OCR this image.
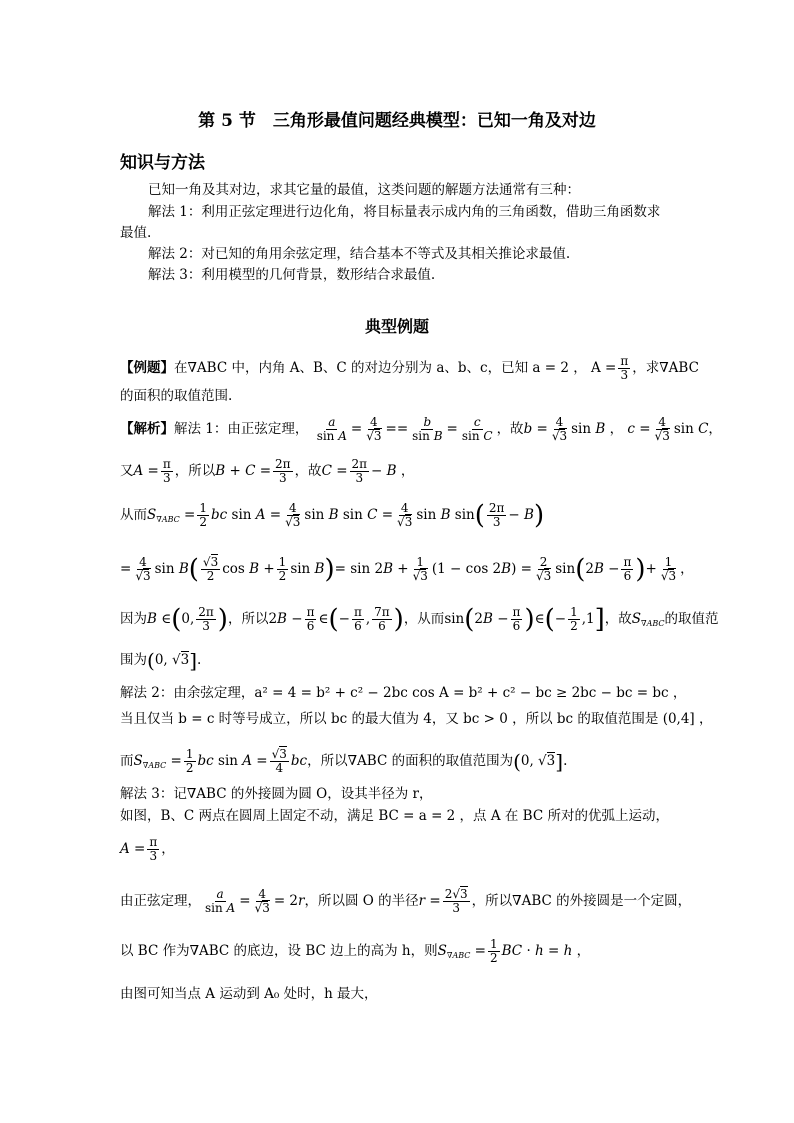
第 5 节　三角形最值问题经典模型：已知一角及对边
知识与方法
已知一角及其对边，求其它量的最值，这类问题的解题方法通常有三种：
解法 1：利用正弦定理进行边化角，将目标量表示成内角的三角函数，借助三角函数求
最值.
解法 2：对已知的角用余弦定理，结合基本不等式及其相关推论求最值.
解法 3：利用模型的几何背景，数形结合求最值.
典型例题
【例题】在∇ABC 中，内角 A、B、C 的对边分别为 a、b、c，已知 a = 2 ， $A = \frac{\pi}{3}$ ，求∇ABC
的面积的取值范围.
【解析】解法 1：由正弦定理， $\frac{a}{\text{sin A}} = \frac{4}{√3} == \frac{b}{\text{sin B}} = \frac{c}{\text{sin C}}$ ，故$b = \frac{4}{√3}$ sin B ， $c = \frac{4}{√3}$ sin C，
又$A = \frac{\pi}{3}$ ，所以$B + C = \frac{2\pi}{3}$ ，故$C = \frac{2\pi}{3} - B$ ，
从而$S_{\nabla ABC} = \frac{1}{2}$ bc $\sin A = \frac{4}{√3}$ sin B $\sin C = \frac{4}{√3}$ sin B $\sin( \frac{2\pi}{3} - B)$
= $\frac{4}{√3}$ $\sin B( \frac{√3}{2}$ $\cos B + \frac{1}{2}$ $\sin B)= \sin 2B + \frac{1}{√3} (1 - \cos 2B) = \frac{2}{√3} \sin(2B - \frac{\pi}{6}$ )+ $\frac{1}{√3}$ ，
因为B ∈(0, $\frac{2\pi}{3}$ )，所以$2B - \frac{\pi}{6}$ ∈(− $\frac{\pi}{6}$ , $\frac{7\pi}{6}$ )，从而$\sin(2B - \frac{\pi}{6}$ )∈(− $\frac{1}{2} ,1$]，故$S_{\nabla ABC}$的取值范
围为(0, √3].
解法 2：由余弦定理，a² = 4 = b² + c² − 2bc cos A = b² + c² − bc ≥ 2bc − bc = bc ，
当且仅当 b = c 时等号成立，所以 bc 的最大值为 4，又 bc > 0 ，所以 bc 的取值范围是 (0,4] ，
而$S_{\nabla ABC} = \frac{1}{2}$ bc $\sin A = \frac{√3}{4}$ bc，所以∇ABC 的面积的取值范围为(0, √3].
解法 3：记∇ABC 的外接圆为圆 O，设其半径为 r，
如图，B、C 两点在圆周上固定不动，满足 BC = a = 2 ，点 A 在 BC 所对的优弧上运动，
$A = \frac{\pi}{3}$ ，
由正弦定理， $\frac{a}{\text{sin A}} = \frac{4}{√3} = 2r$，所以圆 O 的半径$r = \frac{2√3}{3}$ ，所以∇ABC 的外接圆是一个定圆，
以 BC 作为∇ABC 的底边，设 BC 边上的高为 h，则$S_{\nabla ABC} = \frac{1}{2}$ BC · h = h ，
由图可知当点 A 运动到 A₀ 处时，h 最大，
